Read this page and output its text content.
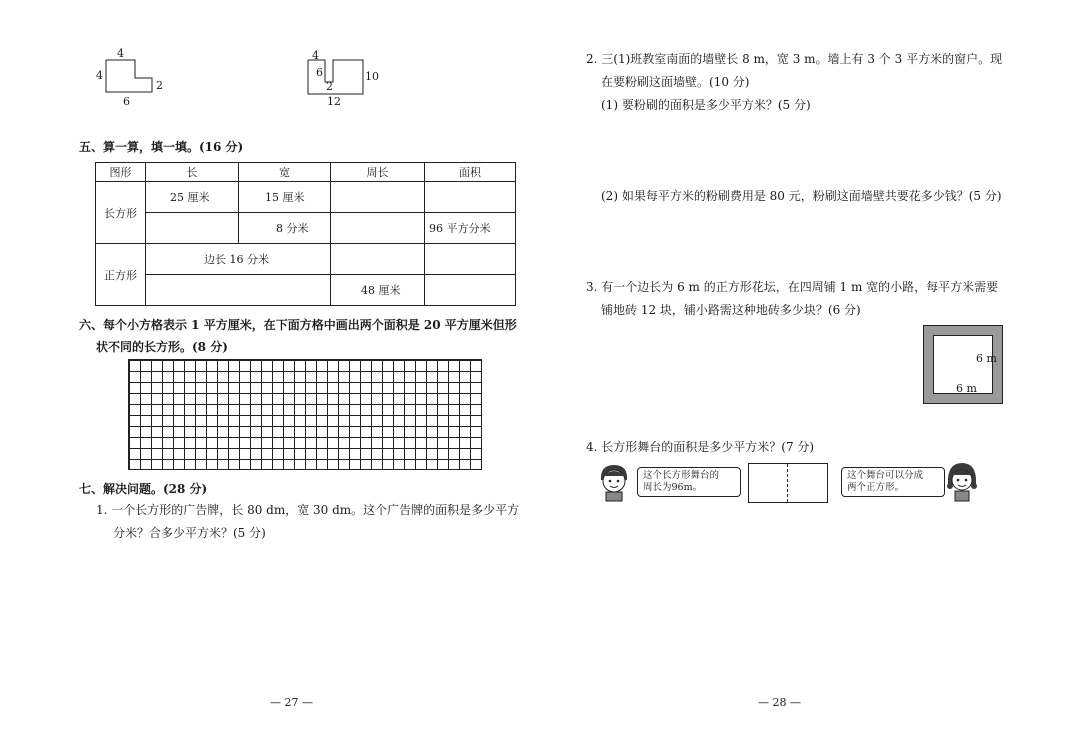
4
4
2
6
4
6
2
10
12
五、算一算，填一填。(16 分)
图形	长	宽	周长	面积
长方形	25 厘米	15 厘米		
		8 分米		96 平方分米
正方形	边长 16 分米			
			48 厘米	
六、每个小方格表示 1 平方厘米，在下面方格中画出两个面积是 20 平方厘米但形
状不同的长方形。(8 分)
七、解决问题。(28 分)
1. 一个长方形的广告牌，长 80 dm，宽 30 dm。这个广告牌的面积是多少平方
分米？合多少平方米？(5 分)
— 27 —
2. 三(1)班教室南面的墙壁长 8 m，宽 3 m。墙上有 3 个 3 平方米的窗户。现
在要粉刷这面墙壁。(10 分)
(1) 要粉刷的面积是多少平方米？(5 分)
(2) 如果每平方米的粉刷费用是 80 元，粉刷这面墙壁共要花多少钱？(5 分)
3. 有一个边长为 6 m 的正方形花坛，在四周铺 1 m 宽的小路，每平方米需要
铺地砖 12 块，铺小路需这种地砖多少块？(6 分)
6 m
6 m
4. 长方形舞台的面积是多少平方米？(7 分)
这个长方形舞台的
周长为96m。
这个舞台可以分成
两个正方形。
— 28 —
